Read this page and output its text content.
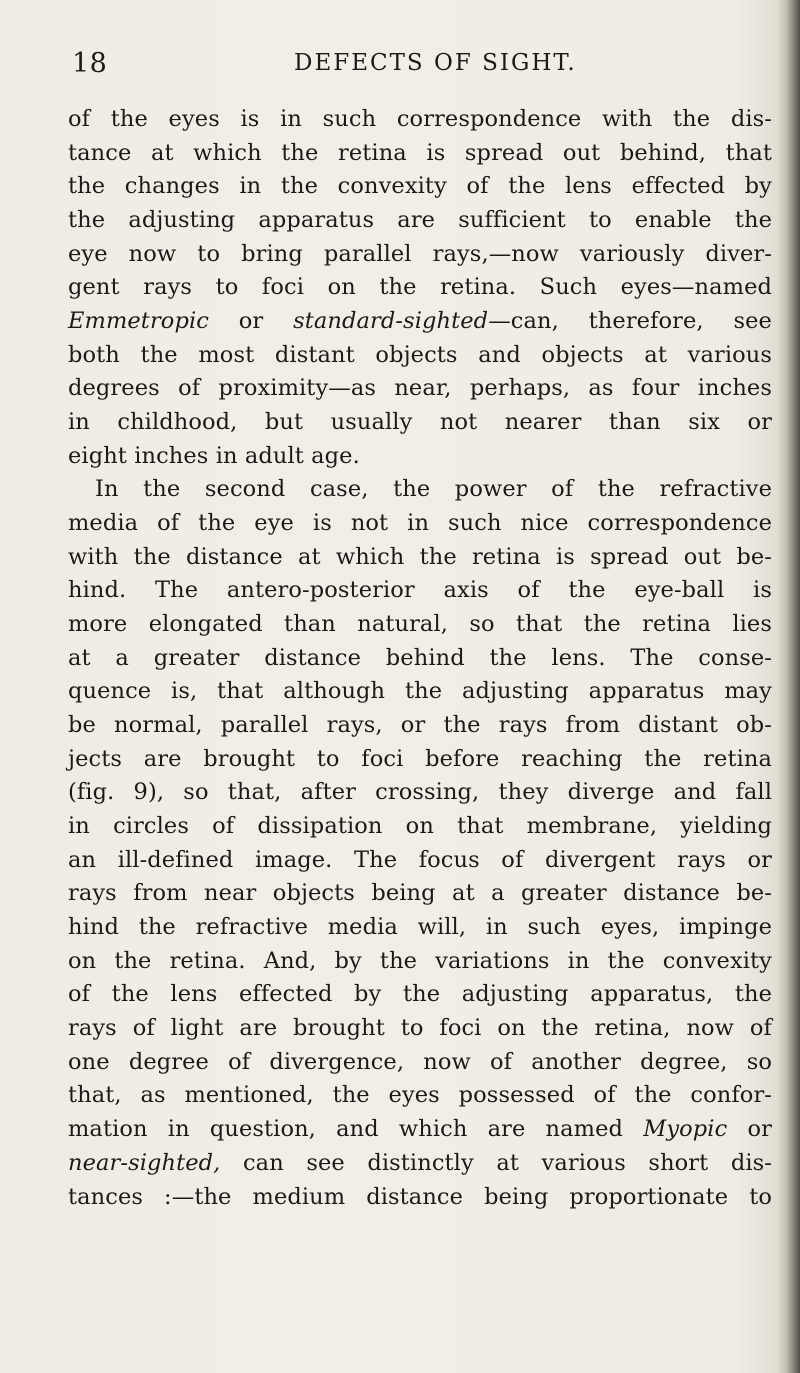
18	DEFECTS OF SIGHT.
of the eyes is in such correspondence with the dis-
tance at which the retina is spread out behind, that
the changes in the convexity of the lens effected by
the adjusting apparatus are sufficient to enable the
eye now to bring parallel rays,—now variously diver-
gent rays to foci on the retina. Such eyes—named
Emmetropic or standard-sighted—can, therefore, see
both the most distant objects and objects at various
degrees of proximity—as near, perhaps, as four inches
in childhood, but usually not nearer than six or
eight inches in adult age.
In the second case, the power of the refractive
media of the eye is not in such nice correspondence
with the distance at which the retina is spread out be-
hind. The antero-posterior axis of the eye-ball is
more elongated than natural, so that the retina lies
at a greater distance behind the lens. The conse-
quence is, that although the adjusting apparatus may
be normal, parallel rays, or the rays from distant ob-
jects are brought to foci before reaching the retina
(fig. 9), so that, after crossing, they diverge and fall
in circles of dissipation on that membrane, yielding
an ill-defined image. The focus of divergent rays or
rays from near objects being at a greater distance be-
hind the refractive media will, in such eyes, impinge
on the retina. And, by the variations in the convexity
of the lens effected by the adjusting apparatus, the
rays of light are brought to foci on the retina, now of
one degree of divergence, now of another degree, so
that, as mentioned, the eyes possessed of the confor-
mation in question, and which are named Myopic or
near-sighted, can see distinctly at various short dis-
tances :—the medium distance being proportionate to
